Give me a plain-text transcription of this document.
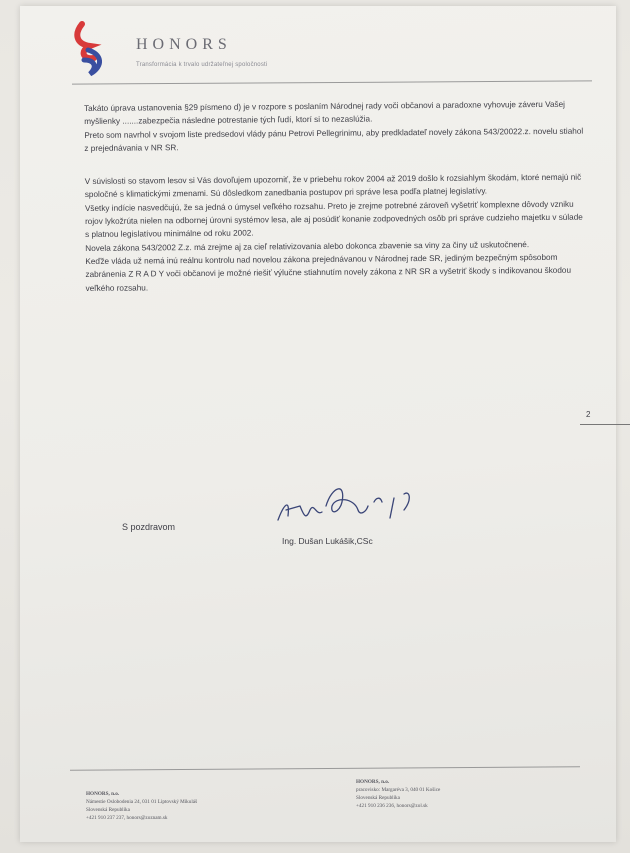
HONORS
Transformácia k trvalo udržateľnej spoločnosti

Takáto úprava ustanovenia §29 písmeno d) je v rozpore s poslaním Národnej rady voči občanovi a paradoxne vyhovuje záveru Vašej myšlienky .......zabezpečia následne potrestanie tých ľudí, ktorí si to nezaslúžia.

Preto som navrhol v svojom liste predsedovi vlády pánu Petrovi Pellegrinimu, aby predkladateľ novely zákona 543/20022.z. novelu stiahol z prejednávania v NR SR.

V súvislosti so stavom lesov si Vás dovoľujem upozorniť, že v priebehu rokov 2004 až 2019 došlo k rozsiahlym škodám, ktoré nemajú nič spoločné s klimatickými zmenami. Sú dôsledkom zanedbania postupov pri správe lesa podľa platnej legislatívy.

Všetky indície nasvedčujú, že sa jedná o úmysel veľkého rozsahu. Preto je zrejme potrebné zároveň vyšetriť komplexne dôvody vzniku rojov lykožrúta nielen na odbornej úrovni systémov lesa, ale aj posúdiť konanie zodpovedných osôb pri správe cudzieho majetku v súlade s platnou legislatívou minimálne od roku 2002.

Novela zákona 543/2002 Z.z. má zrejme aj za cieľ relativizovania alebo dokonca zbavenie sa viny za činy už uskutočnené.

Keďže vláda už nemá inú reálnu kontrolu nad novelou zákona prejednávanou v Národnej rade SR, jediným bezpečným spôsobom zabránenia Z R A D Y voči občanovi je možné riešiť výlučne stiahnutím novely zákona z NR SR a vyšetriť škody s indikovanou škodou veľkého rozsahu.

2
S pozdravom
Ing. Dušan Lukášik,CSc
HONORS, n.o.
Námestie Oslobodenia 24, 031 01 Liptovský Mikuláš
Slovenská Republika
+421 910 237 237, honors@zoznam.sk
HONORS, n.o.
pracovisko: Margaréva 3, 040 01 Košice
Slovenská Republika
+421 910 236 236, honors@zol.sk
